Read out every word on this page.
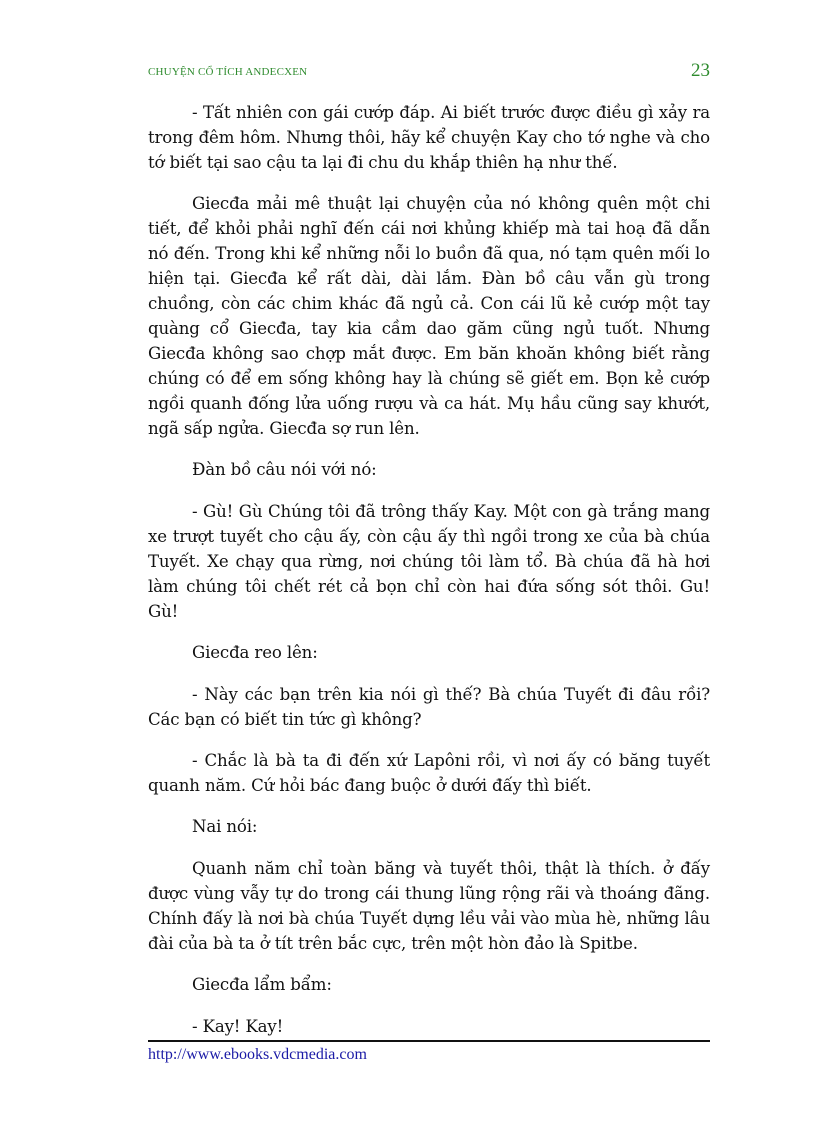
CHUYỆN CỔ TÍCH ANDECXEN	23

- Tất nhiên con gái cướp đáp. Ai biết trước được điều gì xảy ra trong đêm hôm. Nhưng thôi, hãy kể chuyện Kay cho tớ nghe và cho tớ biết tại sao cậu ta lại đi chu du khắp thiên hạ như thế.

Giecđa mải mê thuật lại chuyện của nó không quên một chi tiết, để khỏi phải nghĩ đến cái nơi khủng khiếp mà tai hoạ đã dẫn nó đến. Trong khi kể những nỗi lo buồn đã qua, nó tạm quên mối lo hiện tại. Giecđa kể rất dài, dài lắm. Đàn bồ câu vẫn gù trong chuồng, còn các chim khác đã ngủ cả. Con cái lũ kẻ cướp một tay quàng cổ Giecđa, tay kia cầm dao găm cũng ngủ tuốt. Nhưng Giecđa không sao chợp mắt được. Em băn khoăn không biết rằng chúng có để em sống không hay là chúng sẽ giết em. Bọn kẻ cướp ngồi quanh đống lửa uống rượu và ca hát. Mụ hầu cũng say khướt, ngã sấp ngửa. Giecđa sợ run lên.

Đàn bồ câu nói với nó:

- Gù! Gù Chúng tôi đã trông thấy Kay. Một con gà trắng mang xe trượt tuyết cho cậu ấy, còn cậu ấy thì ngồi trong xe của bà chúa Tuyết. Xe chạy qua rừng, nơi chúng tôi làm tổ. Bà chúa đã hà hơi làm chúng tôi chết rét cả bọn chỉ còn hai đứa sống sót thôi. Gu! Gù!

Giecđa reo lên:

- Này các bạn trên kia nói gì thế? Bà chúa Tuyết đi đâu rồi? Các bạn có biết tin tức gì không?

- Chắc là bà ta đi đến xứ Lapôni rồi, vì nơi ấy có băng tuyết quanh năm. Cứ hỏi bác đang buộc ở dưới đấy thì biết.

Nai nói:

Quanh năm chỉ toàn băng và tuyết thôi, thật là thích. ở đấy được vùng vẫy tự do trong cái thung lũng rộng rãi và thoáng đãng. Chính đấy là nơi bà chúa Tuyết dựng lều vải vào mùa hè, những lâu đài của bà ta ở tít trên bắc cực, trên một hòn đảo là Spitbe.

Giecđa lẩm bẩm:

- Kay! Kay!

http://www.ebooks.vdcmedia.com
